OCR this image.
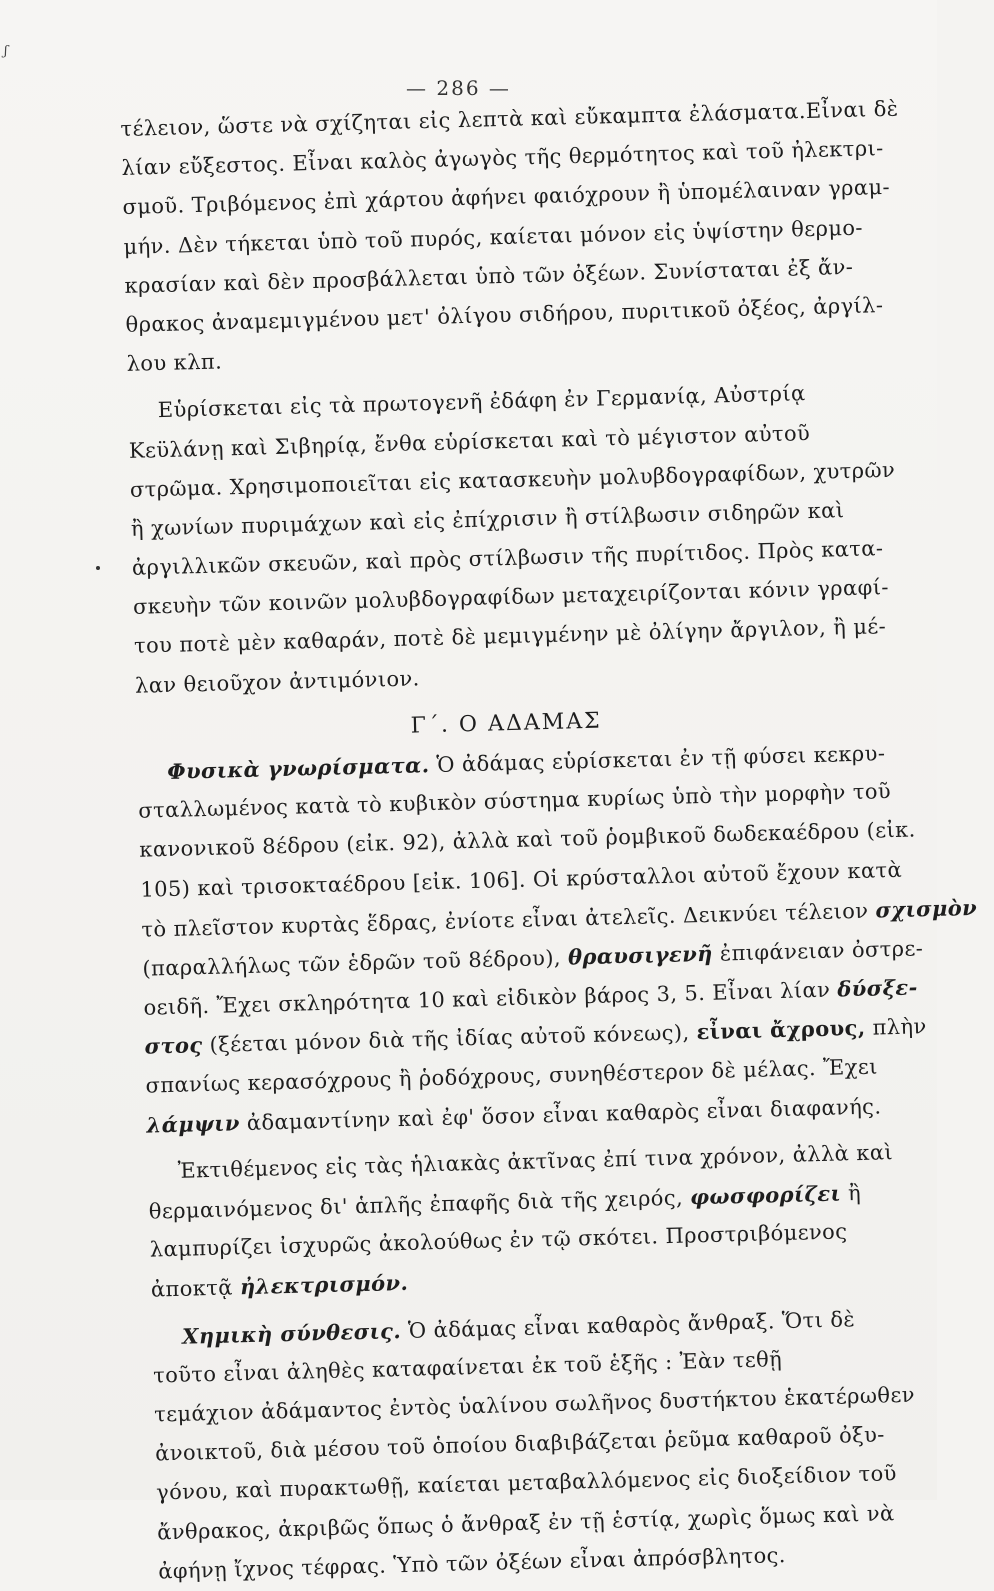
ʃ
— 286 —
τέλειον, ὥστε νὰ σχίζηται εἰς λεπτὰ καὶ εὔκαμπτα ἐλάσματα.Εἶναι δὲ
λίαν εὔξεστος. Εἶναι καλὸς ἀγωγὸς τῆς θερμότητος καὶ τοῦ ἠλεκτρι-
σμοῦ. Τριβόμενος ἐπὶ χάρτου ἀφήνει φαιόχρουν ἢ ὑπομέλαιναν γραμ-
μήν. Δὲν τήκεται ὑπὸ τοῦ πυρός, καίεται μόνον εἰς ὑψίστην θερμο-
κρασίαν καὶ δὲν προσβάλλεται ὑπὸ τῶν ὀξέων. Συνίσταται ἐξ ἄν-
θρακος ἀναμεμιγμένου μετ' ὀλίγου σιδήρου, πυριτικοῦ ὀξέος, ἀργίλ-
λου κλπ.
Εὑρίσκεται εἰς τὰ πρωτογενῆ ἐδάφη ἐν Γερμανίᾳ, Αὐστρίᾳ
Κεϋλάνῃ καὶ Σιβηρίᾳ, ἔνθα εὑρίσκεται καὶ τὸ μέγιστον αὐτοῦ
στρῶμα. Χρησιμοποιεῖται εἰς κατασκευὴν μολυβδογραφίδων, χυτρῶν
ἢ χωνίων πυριμάχων καὶ εἰς ἐπίχρισιν ἢ στίλβωσιν σιδηρῶν καὶ
ἀργιλλικῶν σκευῶν, καὶ πρὸς στίλβωσιν τῆς πυρίτιδος. Πρὸς κατα-
σκευὴν τῶν κοινῶν μολυβδογραφίδων μεταχειρίζονται κόνιν γραφί-
του ποτὲ μὲν καθαράν, ποτὲ δὲ μεμιγμένην μὲ ὀλίγην ἄργιλον, ἢ μέ-
λαν θειοῦχον ἀντιμόνιον.
Γ΄. Ο ΑΔΑΜΑΣ
Φυσικὰ γνωρίσματα. Ὁ ἀδάμας εὑρίσκεται ἐν τῇ φύσει κεκρυ-
σταλλωμένος κατὰ τὸ κυβικὸν σύστημα κυρίως ὑπὸ τὴν μορφὴν τοῦ
κανονικοῦ 8έδρου (εἰκ. 92), ἀλλὰ καὶ τοῦ ῥομβικοῦ δωδεκαέδρου (εἰκ.
105) καὶ τρισοκταέδρου [εἰκ. 106]. Οἱ κρύσταλλοι αὐτοῦ ἔχουν κατὰ
τὸ πλεῖστον κυρτὰς ἕδρας, ἐνίοτε εἶναι ἀτελεῖς. Δεικνύει τέλειον σχισμὸν
(παραλλήλως τῶν ἑδρῶν τοῦ 8έδρου), θραυσιγενῆ ἐπιφάνειαν ὀστρε-
οειδῆ. Ἔχει σκληρότητα 10 καὶ εἰδικὸν βάρος 3, 5. Εἶναι λίαν δύσξε-
στος (ξέεται μόνον διὰ τῆς ἰδίας αὐτοῦ κόνεως), εἶναι ἄχρους, πλὴν
σπανίως κερασόχρους ἢ ῥοδόχρους, συνηθέστερον δὲ μέλας. Ἔχει
λάμψιν ἀδαμαντίνην καὶ ἐφ' ὅσον εἶναι καθαρὸς εἶναι διαφανής.
Ἐκτιθέμενος εἰς τὰς ἡλιακὰς ἀκτῖνας ἐπί τινα χρόνον, ἀλλὰ καὶ
θερμαινόμενος δι' ἁπλῆς ἐπαφῆς διὰ τῆς χειρός, φωσφορίζει ἢ
λαμπυρίζει ἰσχυρῶς ἀκολούθως ἐν τῷ σκότει. Προστριβόμενος
ἀποκτᾷ ἠλεκτρισμόν.
Χημικὴ σύνθεσις. Ὁ ἀδάμας εἶναι καθαρὸς ἄνθραξ. Ὅτι δὲ
τοῦτο εἶναι ἀληθὲς καταφαίνεται ἐκ τοῦ ἑξῆς : Ἐὰν τεθῇ
τεμάχιον ἀδάμαντος ἐντὸς ὑαλίνου σωλῆνος δυστήκτου ἑκατέρωθεν
ἀνοικτοῦ, διὰ μέσου τοῦ ὁποίου διαβιβάζεται ῥεῦμα καθαροῦ ὀξυ-
γόνου, καὶ πυρακτωθῇ, καίεται μεταβαλλόμενος εἰς διοξείδιον τοῦ
ἄνθρακος, ἀκριβῶς ὅπως ὁ ἄνθραξ ἐν τῇ ἑστίᾳ, χωρὶς ὅμως καὶ νὰ
ἀφήνῃ ἴχνος τέφρας. Ὑπὸ τῶν ὀξέων εἶναι ἀπρόσβλητος.
